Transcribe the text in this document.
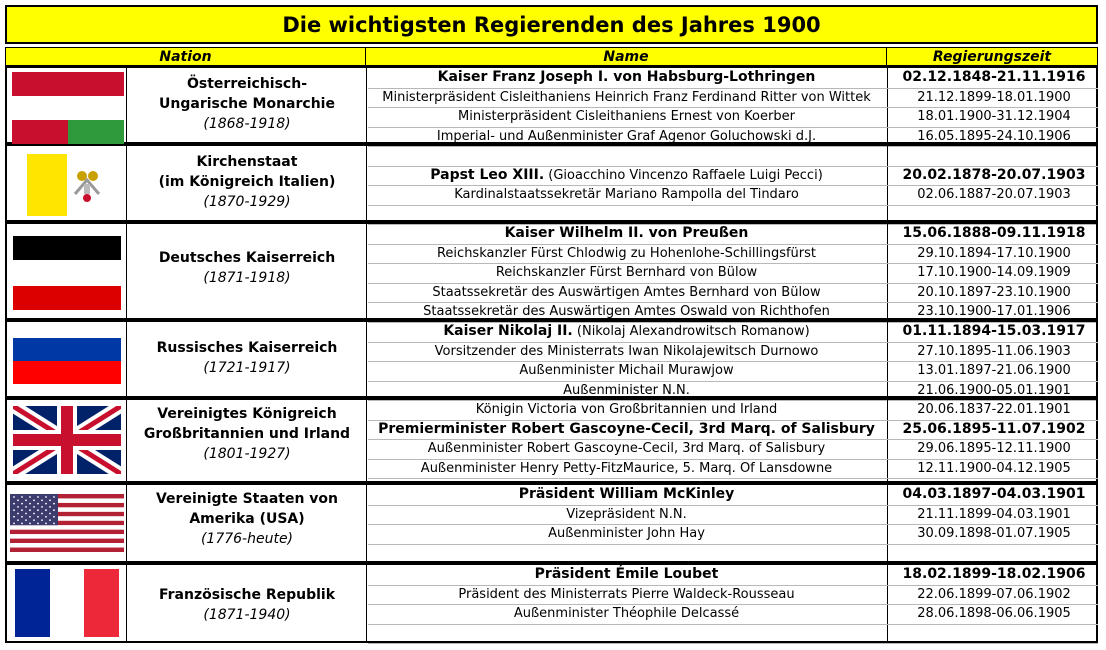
Die wichtigsten Regierenden des Jahres 1900
Nation	Name	Regierungszeit
Österreichisch-
Ungarische Monarchie
(1868-1918)
Kaiser Franz Joseph I. von Habsburg-Lothringen	02.12.1848-21.11.1916
Ministerpräsident Cisleithaniens Heinrich Franz Ferdinand Ritter von Wittek	21.12.1899-18.01.1900
Ministerpräsident Cisleithaniens Ernest von Koerber	18.01.1900-31.12.1904
Imperial- und Außenminister Graf Agenor Goluchowski d.J.	16.05.1895-24.10.1906
Kirchenstaat
(im Königreich Italien)
(1870-1929)
Papst Leo XIII. (Gioacchino Vincenzo Raffaele Luigi Pecci)	20.02.1878-20.07.1903
Kardinalstaatssekretär Mariano Rampolla del Tindaro	02.06.1887-20.07.1903
Deutsches Kaiserreich
(1871-1918)
Kaiser Wilhelm II. von Preußen	15.06.1888-09.11.1918
Reichskanzler Fürst Chlodwig zu Hohenlohe-Schillingsfürst	29.10.1894-17.10.1900
Reichskanzler Fürst Bernhard von Bülow	17.10.1900-14.09.1909
Staatssekretär des Auswärtigen Amtes Bernhard von Bülow	20.10.1897-23.10.1900
Staatssekretär des Auswärtigen Amtes Oswald von Richthofen	23.10.1900-17.01.1906
Russisches Kaiserreich
(1721-1917)
Kaiser Nikolaj II. (Nikolaj Alexandrowitsch Romanow)	01.11.1894-15.03.1917
Vorsitzender des Ministerrats Iwan Nikolajewitsch Durnowo	27.10.1895-11.06.1903
Außenminister Michail Murawjow	13.01.1897-21.06.1900
Außenminister N.N.	21.06.1900-05.01.1901
Vereinigtes Königreich
Großbritannien und Irland
(1801-1927)
Königin Victoria von Großbritannien und Irland	20.06.1837-22.01.1901
Premierminister Robert Gascoyne-Cecil, 3rd Marq. of Salisbury	25.06.1895-11.07.1902
Außenminister Robert Gascoyne-Cecil, 3rd Marq. of Salisbury	29.06.1895-12.11.1900
Außenminister Henry Petty-FitzMaurice, 5. Marq. Of Lansdowne	12.11.1900-04.12.1905
Vereinigte Staaten von
Amerika (USA)
(1776-heute)
Präsident William McKinley	04.03.1897-04.03.1901
Vizepräsident N.N.	21.11.1899-04.03.1901
Außenminister John Hay	30.09.1898-01.07.1905
Französische Republik
(1871-1940)
Präsident Émile Loubet	18.02.1899-18.02.1906
Präsident des Ministerrats Pierre Waldeck-Rousseau	22.06.1899-07.06.1902
Außenminister Théophile Delcassé	28.06.1898-06.06.1905
